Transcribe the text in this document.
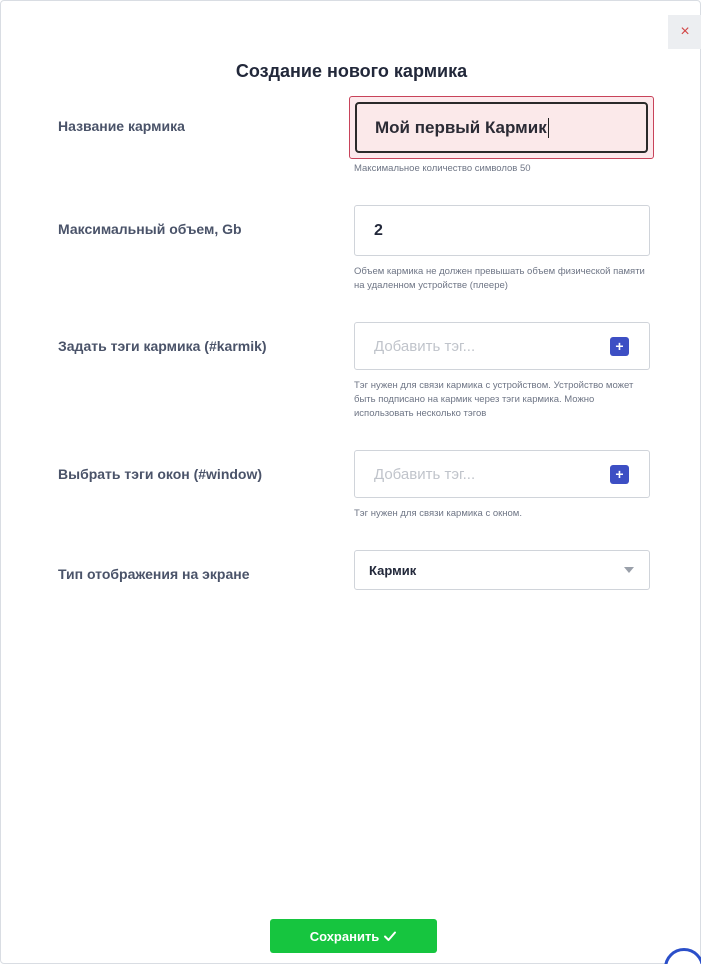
×
Создание нового кармика
Название кармика	Мой первый Кармик
Максимальное количество символов 50
Максимальный объем, Gb	2
Объем кармика не должен превышать объем физической памяти на удаленном устройстве (плеере)
Задать тэги кармика (#karmik)	Добавить тэг...	+
Тэг нужен для связи кармика с устройством. Устройство может быть подписано на кармик через тэги кармика. Можно использовать несколько тэгов
Выбрать тэги окон (#window)	Добавить тэг...	+
Тэг нужен для связи кармика с окном.
Тип отображения на экране	Кармик
Сохранить
